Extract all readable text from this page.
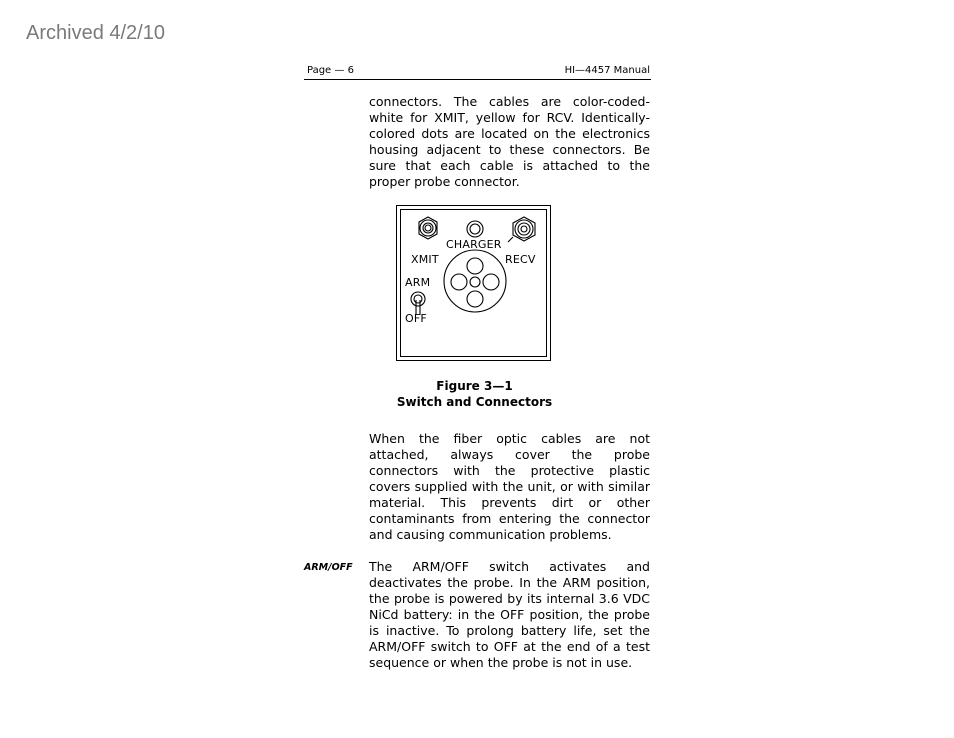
Archived 4/2/10
Page — 6	HI—4457 Manual

connectors. The cables are color-coded-white for XMIT, yellow for RCV. Identically-colored dots are located on the electronics housing adjacent to these connectors. Be sure that each cable is attached to the proper probe connector.

CHARGER
XMIT	RECV
ARM
OFF
Figure 3—1
Switch and Connectors

When the fiber optic cables are not attached, always cover the probe connectors with the protective plastic covers supplied with the unit, or with similar material. This prevents dirt or other contaminants from entering the connector and causing communication problems.

ARM/OFF The ARM/OFF switch activates and deactivates the probe. In the ARM position, the probe is powered by its internal 3.6 VDC NiCd battery: in the OFF position, the probe is inactive. To prolong battery life, set the ARM/OFF switch to OFF at the end of a test sequence or when the probe is not in use.
